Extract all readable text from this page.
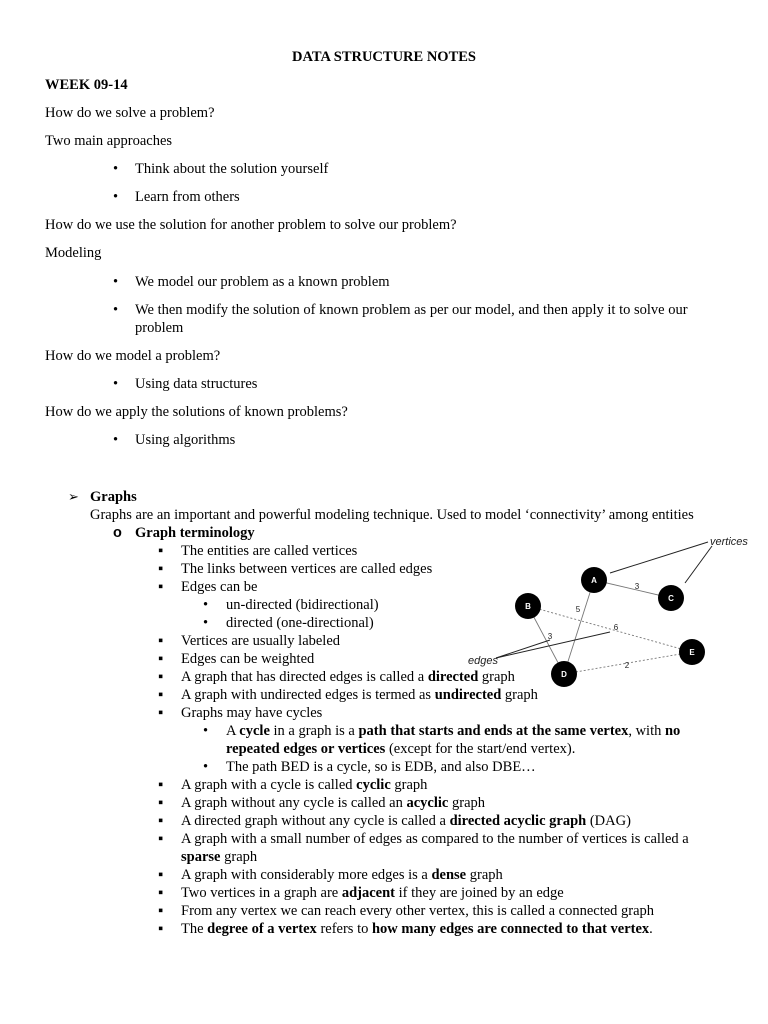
DATA STRUCTURE NOTES
WEEK 09-14
How do we solve a problem?
Two main approaches
• Think about the solution yourself
• Learn from others
How do we use the solution for another problem to solve our problem?
Modeling
• We model our problem as a known problem
• We then modify the solution of known problem as per our model, and then apply it to solve our
problem
How do we model a problem?
• Using data structures
How do we apply the solutions of known problems?
• Using algorithms
➢ Graphs
Graphs are an important and powerful modeling technique. Used to model ‘connectivity’ among entities
o Graph terminology
▪ The entities are called vertices
▪ The links between vertices are called edges
▪ Edges can be
• un-directed (bidirectional)
• directed (one-directional)
▪ Vertices are usually labeled
▪ Edges can be weighted
▪ A graph that has directed edges is called a directed graph
▪ A graph with undirected edges is termed as undirected graph
▪ Graphs may have cycles
• A cycle in a graph is a path that starts and ends at the same vertex, with no
repeated edges or vertices (except for the start/end vertex).
• The path BED is a cycle, so is EDB, and also DBE…
▪ A graph with a cycle is called cyclic graph
▪ A graph without any cycle is called an acyclic graph
▪ A directed graph without any cycle is called a directed acyclic graph (DAG)
▪ A graph with a small number of edges as compared to the number of vertices is called a
sparse graph
▪ A graph with considerably more edges is a dense graph
▪ Two vertices in a graph are adjacent if they are joined by an edge
▪ From any vertex we can reach every other vertex, this is called a connected graph
▪ The degree of a vertex refers to how many edges are connected to that vertex.
A
B
C
D
E
3
5
3
6
2
vertices
edges
